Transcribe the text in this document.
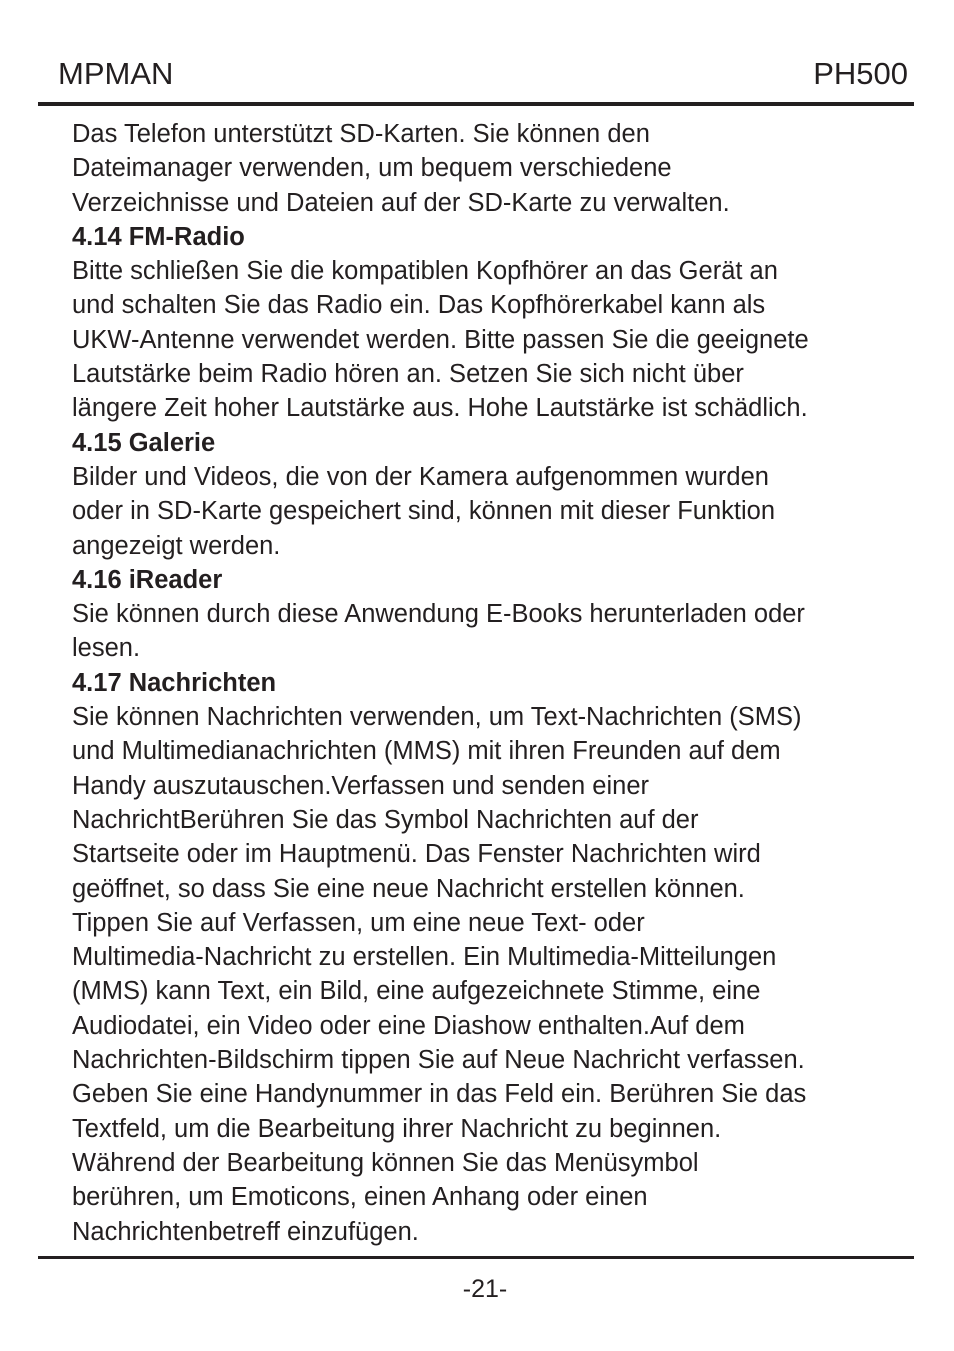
MPMAN	PH500

Das Telefon unterstützt SD-Karten. Sie können den
Dateimanager verwenden, um bequem verschiedene
Verzeichnisse und Dateien auf der SD-Karte zu verwalten.

4.14 FM-Radio

Bitte schließen Sie die kompatiblen Kopfhörer an das Gerät an
und schalten Sie das Radio ein. Das Kopfhörerkabel kann als
UKW-Antenne verwendet werden. Bitte passen Sie die geeignete
Lautstärke beim Radio hören an. Setzen Sie sich nicht über
längere Zeit hoher Lautstärke aus. Hohe Lautstärke ist schädlich.

4.15 Galerie

Bilder und Videos, die von der Kamera aufgenommen wurden
oder in SD-Karte gespeichert sind, können mit dieser Funktion
angezeigt werden.

4.16 iReader

Sie können durch diese Anwendung E-Books herunterladen oder
lesen.

4.17 Nachrichten

Sie können Nachrichten verwenden, um Text-Nachrichten (SMS)
und Multimedianachrichten (MMS) mit ihren Freunden auf dem
Handy auszutauschen.Verfassen und senden einer
NachrichtBerühren Sie das Symbol Nachrichten auf der
Startseite oder im Hauptmenü. Das Fenster Nachrichten wird
geöffnet, so dass Sie eine neue Nachricht erstellen können.
Tippen Sie auf Verfassen, um eine neue Text- oder
Multimedia-Nachricht zu erstellen. Ein Multimedia-Mitteilungen
(MMS) kann Text, ein Bild, eine aufgezeichnete Stimme, eine
Audiodatei, ein Video oder eine Diashow enthalten.Auf dem
Nachrichten-Bildschirm tippen Sie auf Neue Nachricht verfassen.
Geben Sie eine Handynummer in das Feld ein. Berühren Sie das
Textfeld, um die Bearbeitung ihrer Nachricht zu beginnen.
Während der Bearbeitung können Sie das Menüsymbol
berühren, um Emoticons, einen Anhang oder einen
Nachrichtenbetreff einzufügen.

-21-
